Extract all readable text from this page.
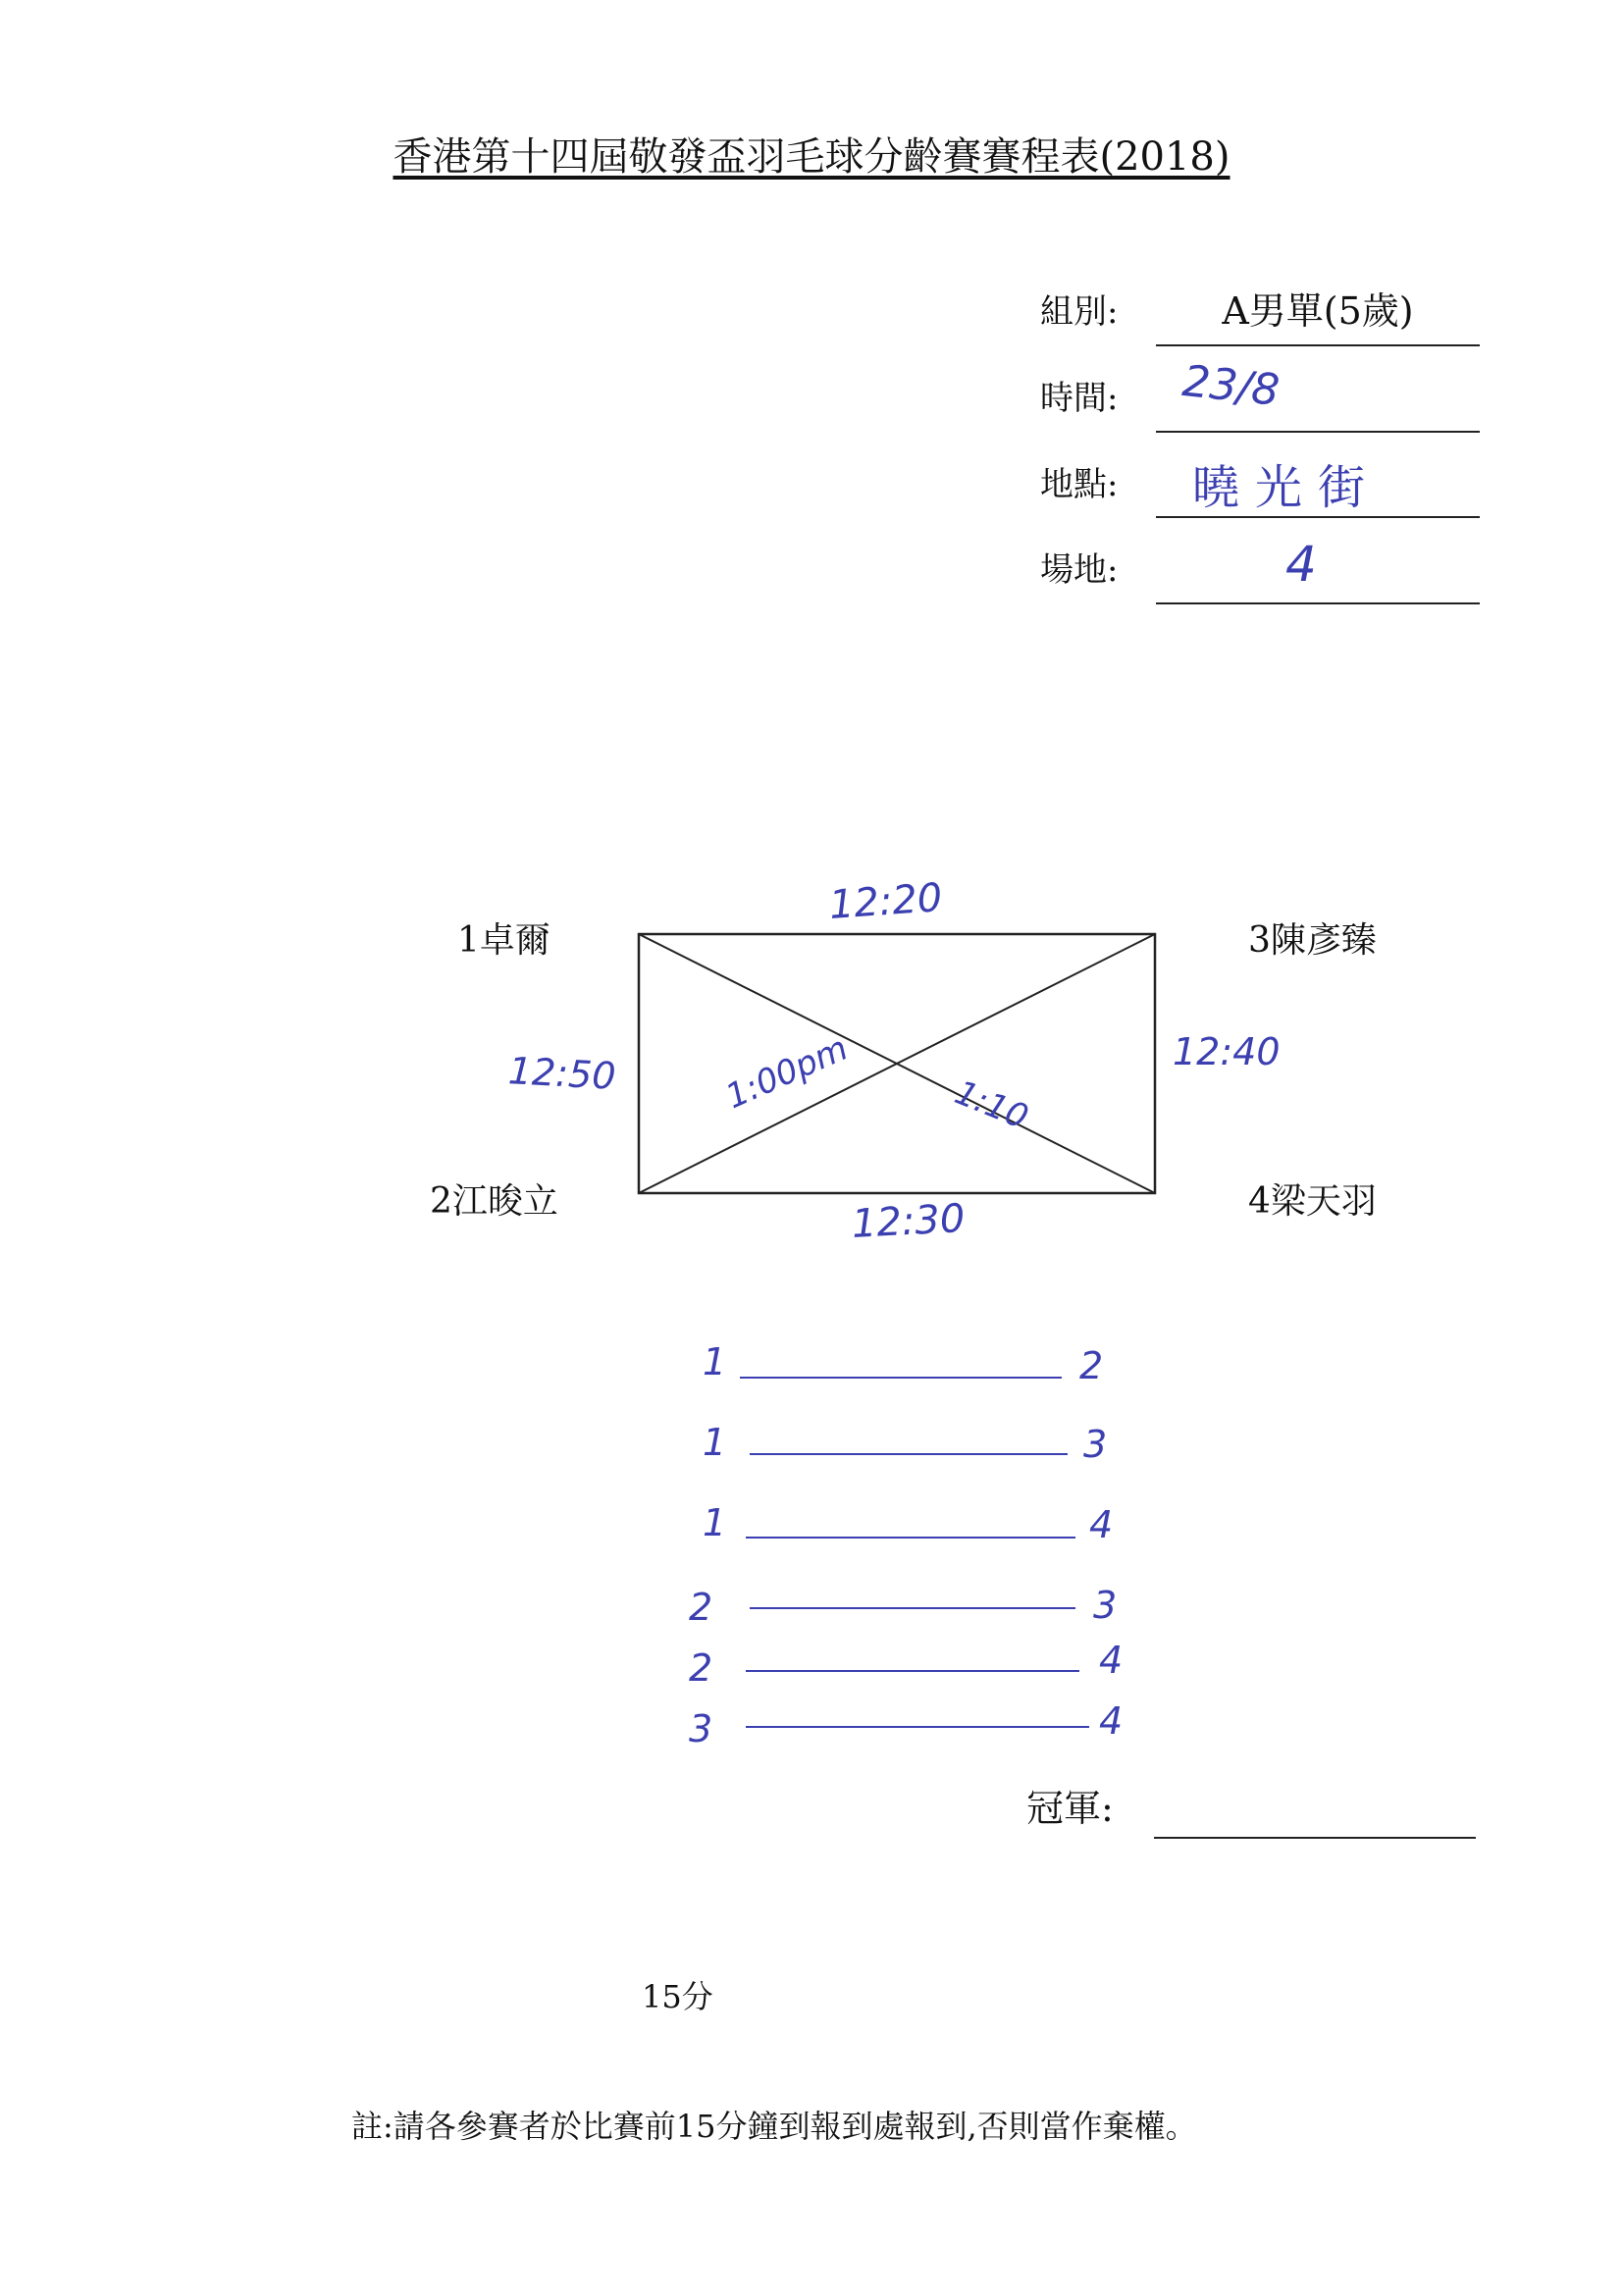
香港第十四屆敬發盃羽毛球分齡賽賽程表(2018)
組別:	A男單(5歲)
時間: 23/8
地點: 曉光街
場地:	4
1卓爾
2江晙立
3陳彥臻
4梁天羽
12:20
12:30
12:40
12:50	1:00pm	1:10
1	2
1	3
1	4
2	3
2	4
3	4
冠軍:
15分
註:請各參賽者於比賽前15分鐘到報到處報到,否則當作棄權。
